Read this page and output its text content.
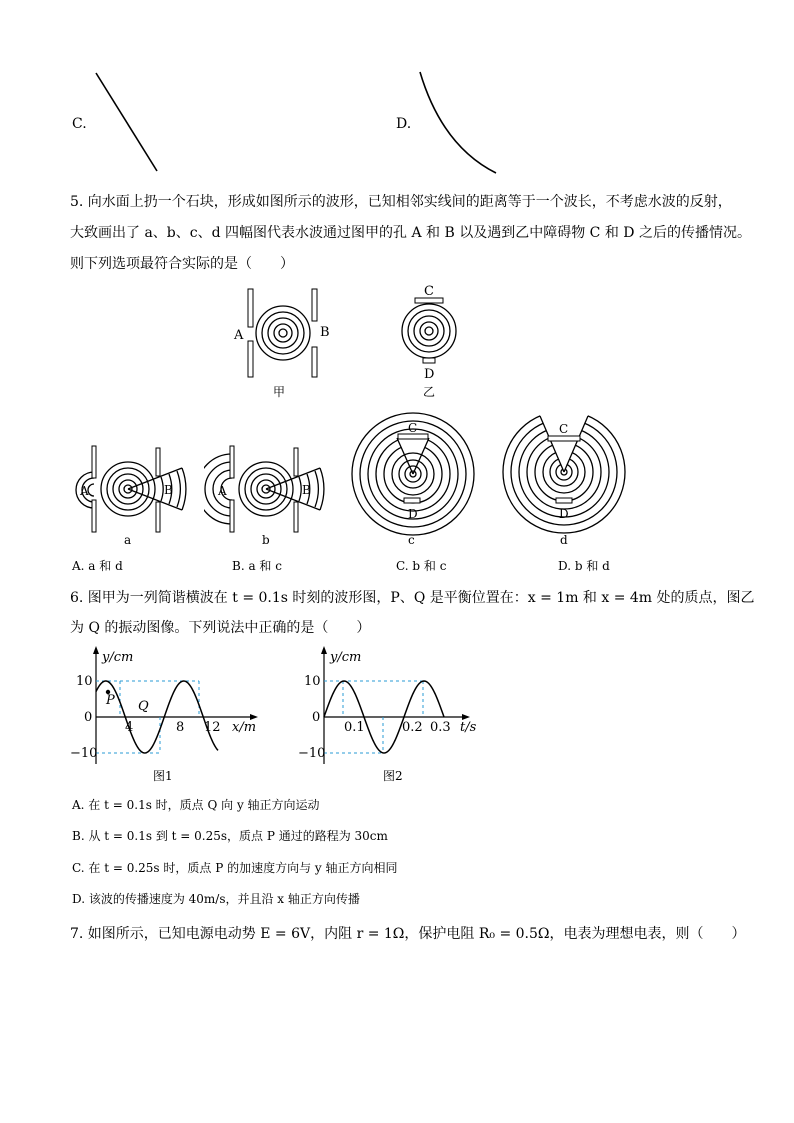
C.	D.
5. 向水面上扔一个石块，形成如图所示的波形，已知相邻实线间的距离等于一个波长，不考虑水波的反射，
大致画出了 a、b、c、d 四幅图代表水波通过图甲的孔 A 和 B 以及遇到乙中障碍物 C 和 D 之后的传播情况。
则下列选项最符合实际的是（　　）
A	B
甲
C
D
乙
A	B
a
A	B
b
C
D
c
C
D
d
A. a 和 d	B. a 和 c	C. b 和 c	D. b 和 d
6. 图甲为一列简谐横波在 t = 0.1s 时刻的波形图，P、Q 是平衡位置在：x = 1m 和 x = 4m 处的质点，图乙
为 Q 的振动图像。下列说法中正确的是（　　）
y/cm
10
−10
0
4	8 12 x/m
P Q
图1
y/cm
10
−10
0
0.1	0.2 0.3 t/s
图2
A. 在 t = 0.1s 时，质点 Q 向 y 轴正方向运动
B. 从 t = 0.1s 到 t = 0.25s，质点 P 通过的路程为 30cm
C. 在 t = 0.25s 时，质点 P 的加速度方向与 y 轴正方向相同
D. 该波的传播速度为 40m/s，并且沿 x 轴正方向传播
7. 如图所示，已知电源电动势 E = 6V，内阻 r = 1Ω，保护电阻 R₀ = 0.5Ω，电表为理想电表，则（　　）
